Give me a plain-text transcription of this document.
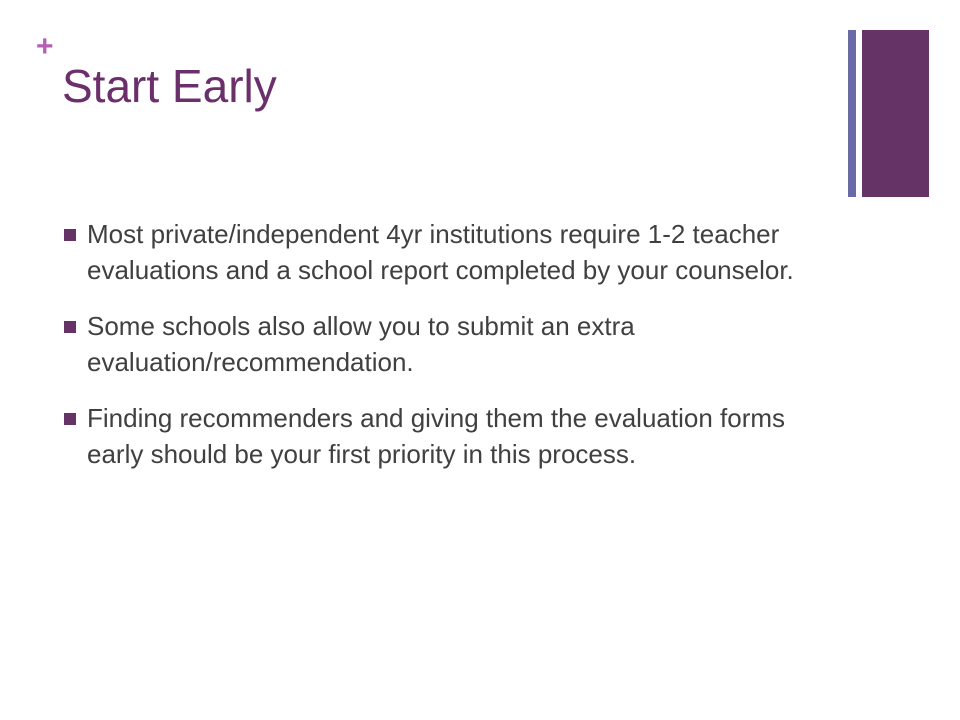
+
Start Early
Most private/independent 4yr institutions require 1-2 teacher evaluations and a school report completed by your counselor.
Some schools also allow you to submit an extra evaluation/recommendation.
Finding recommenders and giving them the evaluation forms early should be your first priority in this process.
